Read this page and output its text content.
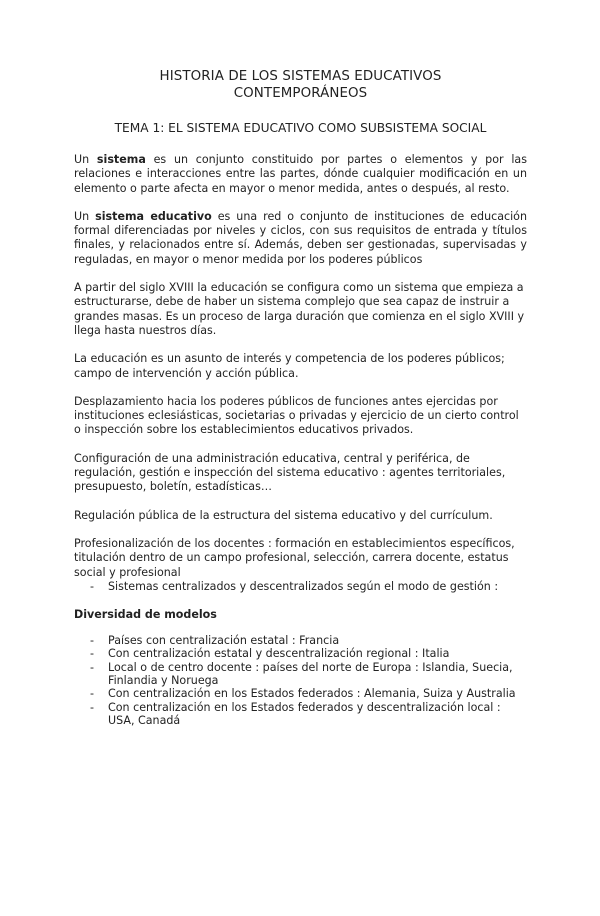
HISTORIA DE LOS SISTEMAS EDUCATIVOS
CONTEMPORÁNEOS
TEMA 1: EL SISTEMA EDUCATIVO COMO SUBSISTEMA SOCIAL

Un sistema es un conjunto constituido por partes o elementos y por las relaciones e interacciones entre las partes, dónde cualquier modificación en un elemento o parte afecta en mayor o menor medida, antes o después, al resto.

Un sistema educativo es una red o conjunto de instituciones de educación formal diferenciadas por niveles y ciclos, con sus requisitos de entrada y títulos finales, y relacionados entre sí. Además, deben ser gestionadas, supervisadas y reguladas, en mayor o menor medida por los poderes públicos

A partir del siglo XVIII la educación se configura como un sistema que empieza a estructurarse, debe de haber un sistema complejo que sea capaz de instruir a grandes masas. Es un proceso de larga duración que comienza en el siglo XVIII y llega hasta nuestros días.

La educación es un asunto de interés y competencia de los poderes públicos; campo de intervención y acción pública.

Desplazamiento hacia los poderes públicos de funciones antes ejercidas por instituciones eclesiásticas, societarias o privadas y ejercicio de un cierto control o inspección sobre los establecimientos educativos privados.

Configuración de una administración educativa, central y periférica, de regulación, gestión e inspección del sistema educativo : agentes territoriales, presupuesto, boletín, estadísticas…

Regulación pública de la estructura del sistema educativo y del currículum.

Profesionalización de los docentes : formación en establecimientos específicos, titulación dentro de un campo profesional, selección, carrera docente, estatus social y profesional

- Sistemas centralizados y descentralizados según el modo de gestión :
Diversidad de modelos
- Países con centralización estatal : Francia
- Con centralización estatal y descentralización regional : Italia
- Local o de centro docente : países del norte de Europa : Islandia, Suecia, Finlandia y Noruega
- Con centralización en los Estados federados : Alemania, Suiza y Australia
- Con centralización en los Estados federados y descentralización local : USA, Canadá
